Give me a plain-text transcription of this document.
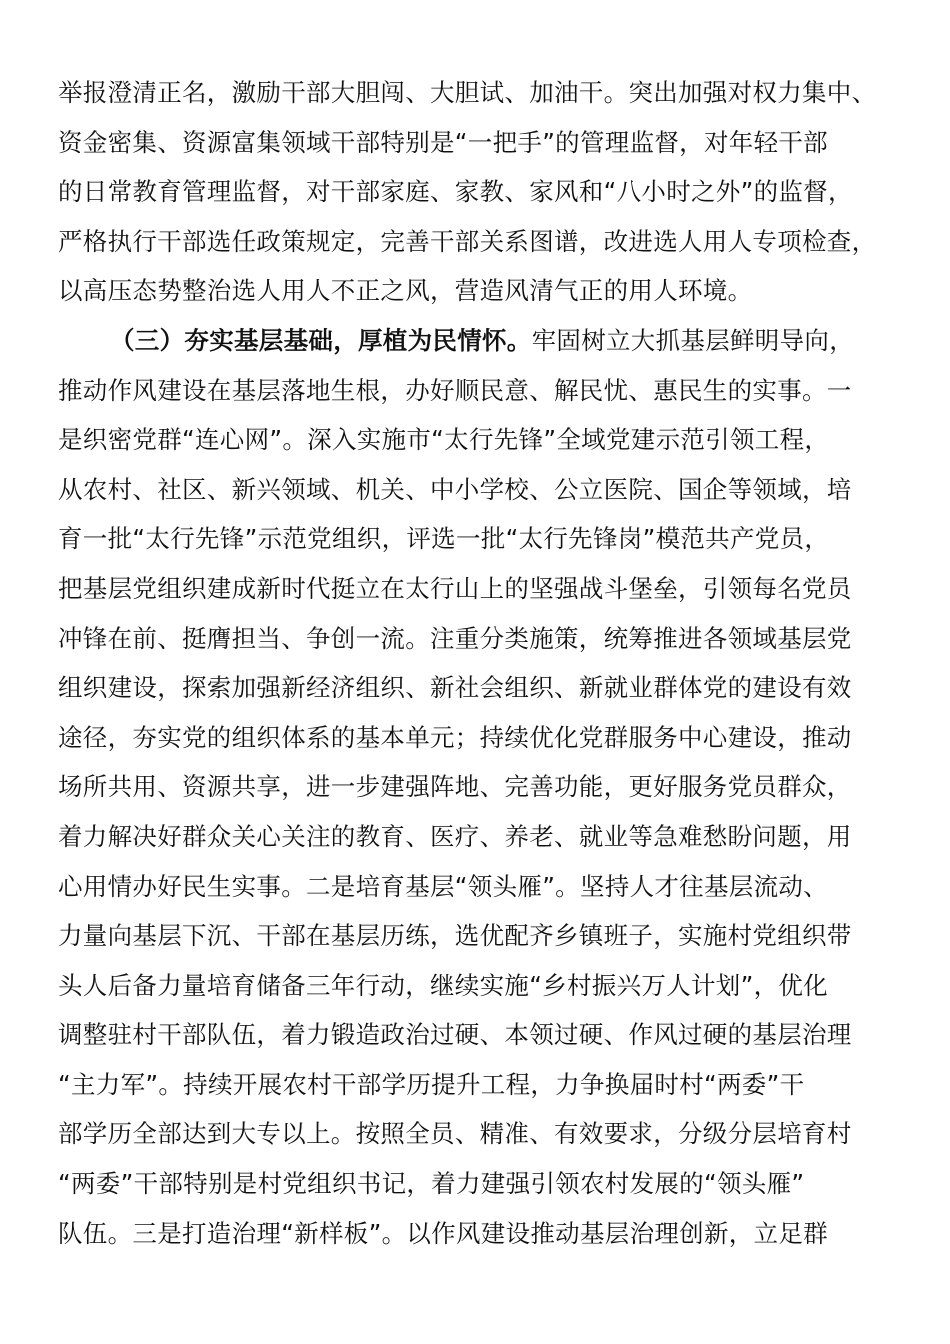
举报澄清正名，激励干部大胆闯、大胆试、加油干。突出加强对权力集中、
资金密集、资源富集领域干部特别是“一把手”的管理监督，对年轻干部
的日常教育管理监督，对干部家庭、家教、家风和“八小时之外”的监督，
严格执行干部选任政策规定，完善干部关系图谱，改进选人用人专项检查，
以高压态势整治选人用人不正之风，营造风清气正的用人环境。
（三）夯实基层基础，厚植为民情怀。牢固树立大抓基层鲜明导向，
推动作风建设在基层落地生根，办好顺民意、解民忧、惠民生的实事。一
是织密党群“连心网”。深入实施市“太行先锋”全域党建示范引领工程，
从农村、社区、新兴领域、机关、中小学校、公立医院、国企等领域，培
育一批“太行先锋”示范党组织，评选一批“太行先锋岗”模范共产党员，
把基层党组织建成新时代挺立在太行山上的坚强战斗堡垒，引领每名党员
冲锋在前、挺膺担当、争创一流。注重分类施策，统筹推进各领域基层党
组织建设，探索加强新经济组织、新社会组织、新就业群体党的建设有效
途径，夯实党的组织体系的基本单元；持续优化党群服务中心建设，推动
场所共用、资源共享，进一步建强阵地、完善功能，更好服务党员群众，
着力解决好群众关心关注的教育、医疗、养老、就业等急难愁盼问题，用
心用情办好民生实事。二是培育基层“领头雁”。坚持人才往基层流动、
力量向基层下沉、干部在基层历练，选优配齐乡镇班子，实施村党组织带
头人后备力量培育储备三年行动，继续实施“乡村振兴万人计划”，优化
调整驻村干部队伍，着力锻造政治过硬、本领过硬、作风过硬的基层治理
“主力军”。持续开展农村干部学历提升工程，力争换届时村“两委”干
部学历全部达到大专以上。按照全员、精准、有效要求，分级分层培育村
“两委”干部特别是村党组织书记，着力建强引领农村发展的“领头雁”
队伍。三是打造治理“新样板”。以作风建设推动基层治理创新，立足群
